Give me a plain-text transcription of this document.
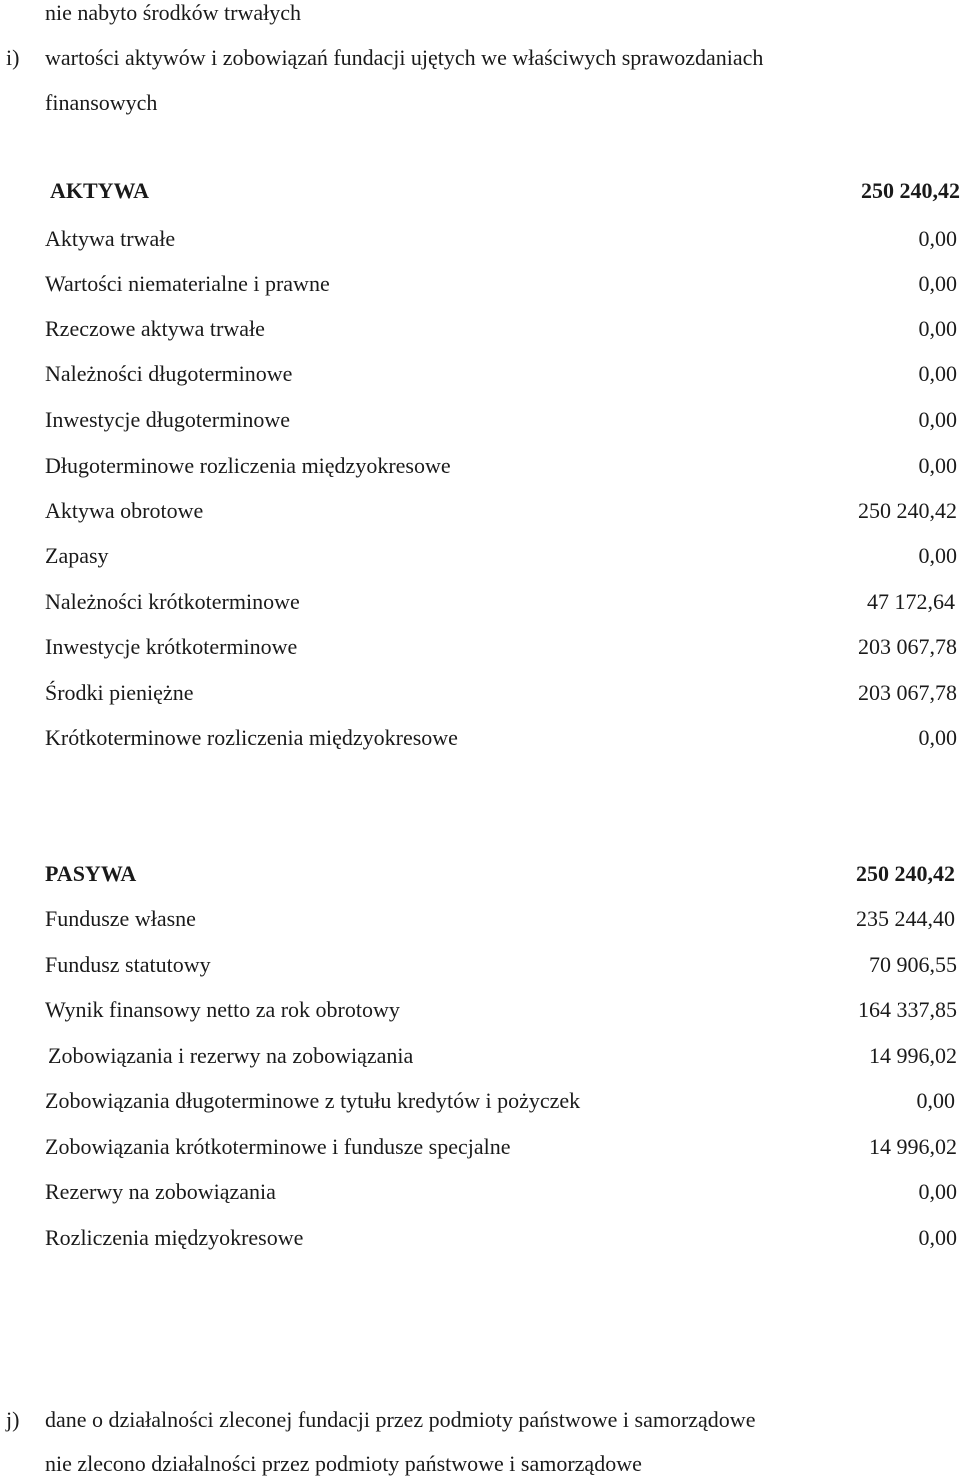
nie nabyto środków trwałych
i) wartości aktywów i zobowiązań fundacji ujętych we właściwych sprawozdaniach
finansowych
AKTYWA	250 240,42
Aktywa trwałe	0,00
Wartości niematerialne i prawne	0,00
Rzeczowe aktywa trwałe	0,00
Należności długoterminowe	0,00
Inwestycje długoterminowe	0,00
Długoterminowe rozliczenia międzyokresowe	0,00
Aktywa obrotowe	250 240,42
Zapasy	0,00
Należności krótkoterminowe	47 172,64
Inwestycje krótkoterminowe	203 067,78
Środki pieniężne	203 067,78
Krótkoterminowe rozliczenia międzyokresowe	0,00
PASYWA	250 240,42
Fundusze własne	235 244,40
Fundusz statutowy	70 906,55
Wynik finansowy netto za rok obrotowy	164 337,85
Zobowiązania i rezerwy na zobowiązania	14 996,02
Zobowiązania długoterminowe z tytułu kredytów i pożyczek	0,00
Zobowiązania krótkoterminowe i fundusze specjalne	14 996,02
Rezerwy na zobowiązania	0,00
Rozliczenia międzyokresowe	0,00
j) dane o działalności zleconej fundacji przez podmioty państwowe i samorządowe
nie zlecono działalności przez podmioty państwowe i samorządowe
